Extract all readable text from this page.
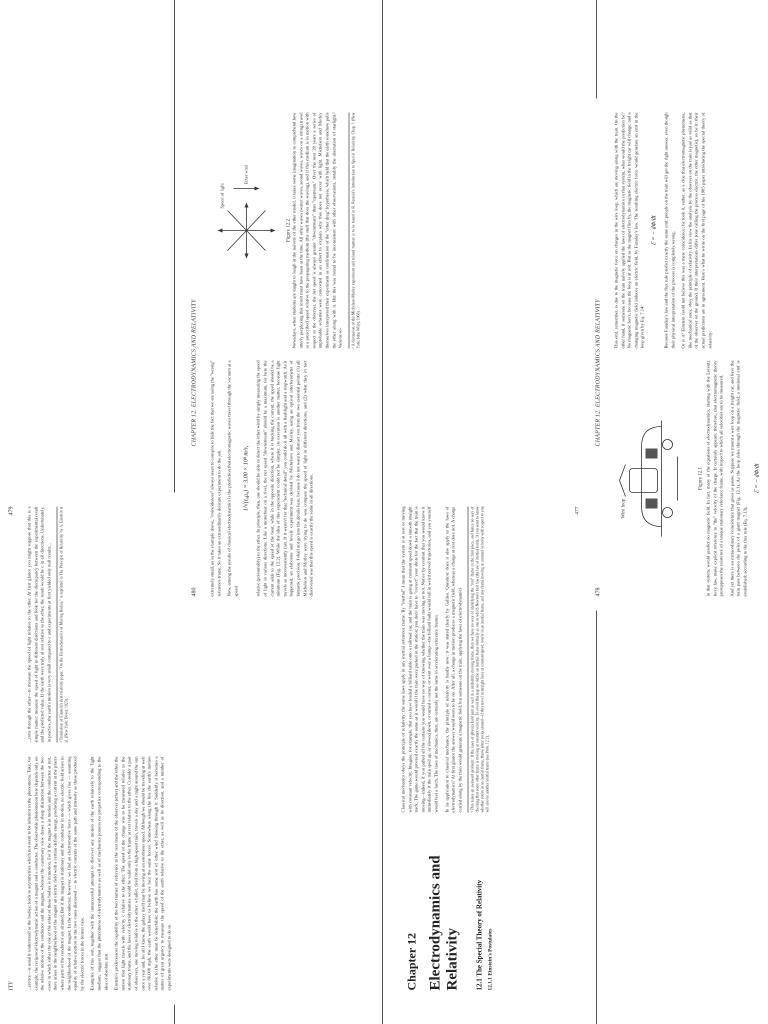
ITY
479

...erence—is usually understood as the bodies; leads to asymmetries which not seem to be inherent in the phenomena. Take, for example, the reciprocal electrodynamic action of a magnet and a conductor. The observable phenomenon here depends only on the relative motion of the conductor and the magnet, whereas the customary view draws a sharp distinction between the two cases in which either the one or the other of these bodies is in motion. For if the magnet is in motion and the conductor at rest, there arises in the neighborhood of the magnet an electric field with a certain definite energy, producing a current at the places where parts of the conductor are situated. But if the magnet is stationary and the conductor in motion, no electric field arises in the neighborhood of the magnet. In the conductor, however, we find an electromotive force — which gives rise — assuming equality of relative motion in the two cases discussed — to electric currents of the same path and intensity as those produced by the electric forces in the former case.	Examples of this sort, together with the unsuccessful attempts to discover any motion of the earth relatively to the 'light medium,' suggest that the phenomena of electrodynamics as well as of mechanics possess no properties corresponding to the idea of absolute rest.	Einstein's predecessors the capability of the two frames of reference to the rest frame of the observer (ether) and the other the notion that light travels with velocity c relative to the ether. The speed of the charge was to be measured relative to the stationary frame, and the laws of electrodynamics would be valid only in the frame at rest relative to the ether. Consider a pair of observers, one moving relative to the other: a bullet, fired from a high-speed train, travels a day and a night around the sun once a year and, for all I know, the galaxy itself may be moving at an enormous speed. Although we should be traveling at well over 60,000 mph, the earth would have us believe we face the same forces. Somewhere along the line the earth's motion relative to the ether must be detectable; the earth has some sort of 'ether wind' blowing through it. Suddenly it becomes a matter of great urgency to measure the speed of the earth relative to the ether, as well as its direction, and a number of experiments were designed to do so.

...cons through the ether—to measure the speed of light relative to the ether. At first glance you might suppose that this is a simple matter: measure the speed of light in different directions and look for the discrepancy between the experimental result and the predicted value. If the earth were truly at rest relative to the ether, the result would be c in all directions. Unfortunately, in practice, the earth's motion is very small compared to c and experiments at first yielded only null results...	¹ Translation of Einstein's first relativity paper, "On the Electrodynamics of Moving Bodies," is reprinted in The Principle of Relativity, by A. Einstein et al. (New York: Dover, 1923).

480
CHAPTER 12. ELECTRODYNAMICS AND RELATIVITY	extremely small, as in the example above, "coincidences" always seem to conspire to hide the fact that we are using the "wrong" reference frame. So it takes an extraordinarily delicate experiment to do the job.	Now, among the results of classical electrodynamics is the prediction that electromagnetic waves travel through the vacuum at a speed

1/√(ε₀μ₀) = 3.00 × 10⁸ m/s, relative (presumably) to the ether. In principle, then, one should be able to detect the ether wind by simply measuring the speed of light in various directions. Like a motorboat on a river, the net speed "downstream" should be a maximum, for here the current adds to the speed of the boat, while in the opposite direction, where it is bucking the current, the speed should be a minimum (Fig. 12.2). While the idea of this experiment could not be simpler, its execution is another matter, because light travels so inconveniently fast. If it weren't for that "technical detail" you could do it all with a flashlight and a stopwatch. As it happened, an elaborate and lovely experiment was devised by Michelson and Morley, using an optical interferometer of fantastic precision. I shall not go into the details here, because I do not want to distract you from the two essential points: (1) all Michelson and Morley were trying to do was compare the speed of light in different directions, and (2) what they in fact discovered was that this speed is exactly the same in all directions.

Speed of light
Ether wind
Figure 12.2 Nowadays, when students are taught to laugh at the naiveté of the ether model, it takes some imagination to comprehend how utterly perplexing this result must have been at the time. All other waves (water waves, sound waves, waves on a string) travel at a prescribed speed relative to the propagating medium (the stuff that does the waving), and if this medium is in motion with respect to the observer, the net speed is always greater "downstream" than "upstream." Over the next 20 years a series of improbable schemes were concocted in an effort to explain why this does not occur with light. Michelson and Morley themselves interpreted their experiment as confirmation of the "ether drag" hypothesis, which held that the earth somehow pulls the ether along with it. But this was found to be inconsistent with other observations, notably the aberration of starlight.² Various so-	² A discussion of the Michelson-Morley experiment and related matters is to be found in R. Resnick's Introduction to Special Relativity, Chap. 1 (New York: John Wiley, 1968).

Chapter 12 Electrodynamics and Relativity 12.1 The Special Theory of Relativity 12.1.1 Einstein's Postulates

Classical mechanics obeys the principle of relativity: the same laws apply in any inertial reference frame. By "inertial" I mean that the system is at rest or moving with constant velocity. Imagine, for example, that you have loaded a billiard table onto a railroad car, and the train is going at constant speed down a smooth straight track. The game would proceed exactly the same as it would if the train were parked in the station; you don't have to "correct" your shots for the fact that the train is moving—indeed, if you pulled all the curtains you would have no way of knowing whether the train was moving or not. Notice by contrast that you would know it immediately if the train sped up, or slowed down, or turned a corner, or went over a bump—the billiard balls would roll in weird curved trajectories, and you yourself would feel a lurch. The laws of mechanics, then, are certainly not the same in accelerating reference frames.	In its application to classical mechanics, the principle of relativity is hardly new; it was stated clearly by Galileo. Question: does it also apply to the laws of electrodynamics? At first glance the answer would seem to be no. After all, a charge in motion produces a magnetic field, whereas a charge at rest does not. A charge carried along by the train would generate a magnetic field, but someone on the train, applying the laws of electrodynamics	¹ This raises an awkward problem: If the laws of physics hold just as well in a uniformly moving frame, then we have no way of identifying the "rest" frame in the first place, and hence no way of checking that some other frame is moving at constant velocity. To avoid this trap we define an inertial frame formally as one in which Newton's first law (the law of inertia) holds. If you want to know whether you're in an inertial frame, throw some rocks around—if they travel in straight lines at constant speed, you're in an inertial frame, and any frame moving at constant velocity with respect to you will also be another inertial frame (see Prob. 12.1).

477
478
CHAPTER 12. ELECTRODYNAMICS AND RELATIVITY
Wire loop
Figure 12.1 in that system, would predict no magnetic field. In fact, many of the equations of electrodynamics, starting with the Lorentz force law, make explicit reference to "the" velocity of the charge. It certainly appears, therefore, that electromagnetic theory presupposes the existence of a unique stationary reference frame, with respect to which all velocities are to be measured.	And yet there is an extraordinary coincidence that gives us pause. Suppose we mount a wire loop on a freight car, and have the train pass between the poles of a giant magnet (Fig. 12.1). As the loop rides through the magnetic field, a motional emf is established; according to the flux rule (Eq. 7.13),

ℰ = − dΦ/dt

This emf, remember, is due to the magnetic force on charges in the wire loop, which are moving along with the train. On the other hand, if someone on the train naïvely applied the laws of electrodynamics in that system, what would the prediction be? No magnetic force, because the loop is at rest. But as the magnet flies by, the magnetic field in the freight car will change, and a changing magnetic field induces an electric field, by Faraday's law. The resulting electric force would generate an emf in the loop given by Eq. 7.14:

ℰ = − dΦ/dt Because Faraday's law and the flux rule predict exactly the same emf, people on the train will get the right answer, even though their physical interpretation of the process is completely wrong.	Or is it? Einstein could not believe this was a mere coincidence; he took it, rather, as a clue that electromagnetic phenomena, like mechanical ones, obey the principle of relativity. In his view the analysis by the observer on the train is just as valid as that of the observer on the ground. If their interpretations differ (one calling the process electric, the other magnetic), so be it; their actual predictions are in agreement. Here's what he wrote on the first page of his 1905 paper introducing the special theory of relativity:
